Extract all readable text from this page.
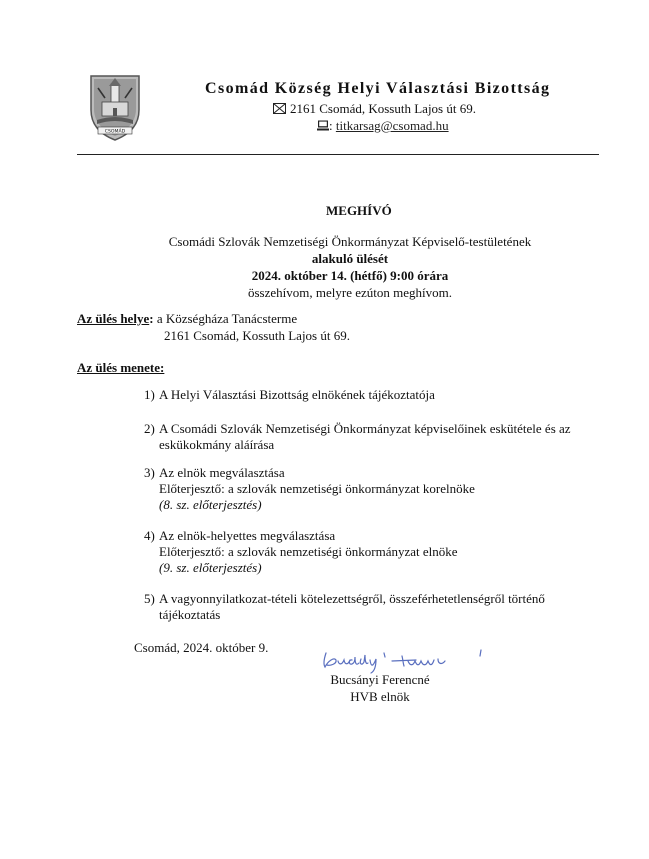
CSOMÁD
Csomád Község Helyi Választási Bizottság
2161 Csomád, Kossuth Lajos út 69.
: titkarsag@csomad.hu
MEGHÍVÓ
Csomádi Szlovák Nemzetiségi Önkormányzat Képviselő-testületének
alakuló ülését
2024. október 14. (hétfő) 9:00 órára
összehívom, melyre ezúton meghívom.
Az ülés helye: a Községháza Tanácsterme
2161 Csomád, Kossuth Lajos út 69.
Az ülés menete:
1) A Helyi Választási Bizottság elnökének tájékoztatója
2) A Csomádi Szlovák Nemzetiségi Önkormányzat képviselőinek eskütétele és az eskükokmány aláírása
3) Az elnök megválasztása
Előterjesztő: a szlovák nemzetiségi önkormányzat korelnöke
(8. sz. előterjesztés)
4) Az elnök-helyettes megválasztása
Előterjesztő: a szlovák nemzetiségi önkormányzat elnöke
(9. sz. előterjesztés)
5) A vagyonnyilatkozat-tételi kötelezettségről, összeférhetetlenségről történő tájékoztatás
Csomád, 2024. október 9.
Bucsányi Ferencné
HVB elnök
